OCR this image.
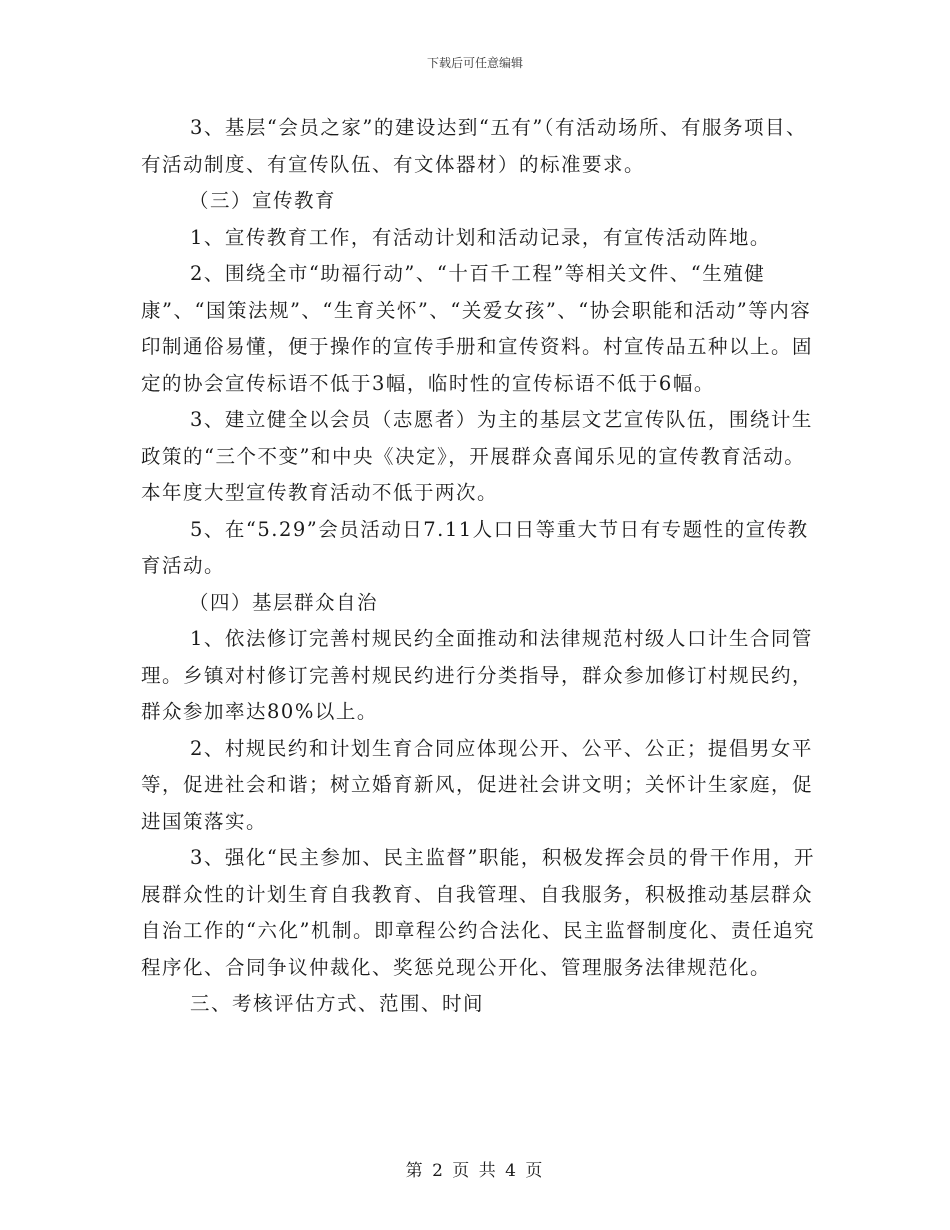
下载后可任意编辑

3、基层“会员之家”的建设达到“五有”（有活动场所、有服务项目、有活动制度、有宣传队伍、有文体器材）的标准要求。

（三）宣传教育

1、宣传教育工作，有活动计划和活动记录，有宣传活动阵地。

2、围绕全市“助福行动”、“十百千工程”等相关文件、“生殖健康”、“国策法规”、“生育关怀”、“关爱女孩”、“协会职能和活动”等内容印制通俗易懂，便于操作的宣传手册和宣传资料。村宣传品五种以上。固定的协会宣传标语不低于3幅，临时性的宣传标语不低于6幅。

3、建立健全以会员（志愿者）为主的基层文艺宣传队伍，围绕计生政策的“三个不变”和中央《决定》，开展群众喜闻乐见的宣传教育活动。本年度大型宣传教育活动不低于两次。

5、在“5.29”会员活动日7.11人口日等重大节日有专题性的宣传教育活动。

（四）基层群众自治

1、依法修订完善村规民约全面推动和法律规范村级人口计生合同管理。乡镇对村修订完善村规民约进行分类指导，群众参加修订村规民约，群众参加率达80%以上。

2、村规民约和计划生育合同应体现公开、公平、公正；提倡男女平等，促进社会和谐；树立婚育新风，促进社会讲文明；关怀计生家庭，促进国策落实。

3、强化“民主参加、民主监督”职能，积极发挥会员的骨干作用，开展群众性的计划生育自我教育、自我管理、自我服务，积极推动基层群众自治工作的“六化”机制。即章程公约合法化、民主监督制度化、责任追究程序化、合同争议仲裁化、奖惩兑现公开化、管理服务法律规范化。

三、考核评估方式、范围、时间

第 2 页 共 4 页
